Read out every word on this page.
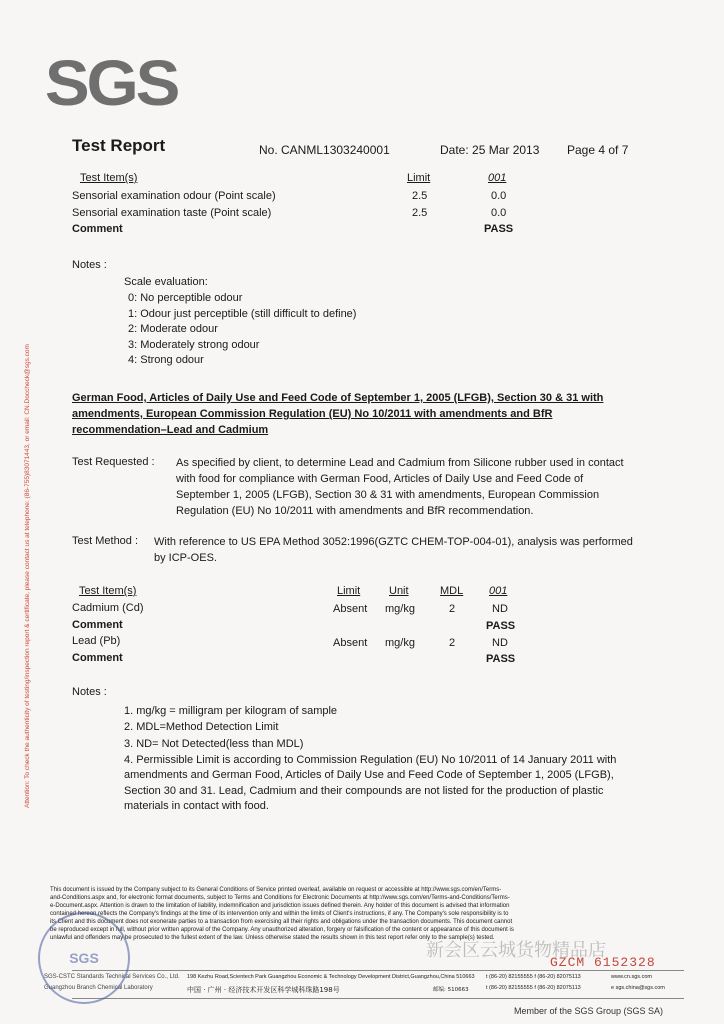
SGS
Attention: To check the authenticity of testing/inspection report & certificate, please contact us at telephone: (86-755)83071443, or email: CN.Doccheck@sgs.com
Test Report	No. CANML1303240001	Date: 25 Mar 2013 Page 4 of 7
Test Item(s)	Limit	001
Sensorial examination odour (Point scale)	2.5	0.0
Sensorial examination taste (Point scale)	2.5	0.0
Comment	PASS
Notes :
Scale evaluation:
0: No perceptible odour
1: Odour just perceptible (still difficult to define)
2: Moderate odour
3: Moderately strong odour
4: Strong odour
German Food, Articles of Daily Use and Feed Code of September 1, 2005 (LFGB), Section 30 & 31 with
amendments, European Commission Regulation (EU) No 10/2011 with amendments and BfR
recommendation–Lead and Cadmium
Test Requested : As specified by client, to determine Lead and Cadmium from Silicone rubber used in contact
with food for compliance with German Food, Articles of Daily Use and Feed Code of
September 1, 2005 (LFGB), Section 30 & 31 with amendments, European Commission
Regulation (EU) No 10/2011 with amendments and BfR recommendation.
Test Method : With reference to US EPA Method 3052:1996(GZTC CHEM-TOP-004-01), analysis was performed
by ICP-OES.
Test Item(s)	Limit	Unit	MDL 001
Cadmium (Cd)	Absent mg/kg	2	ND
Comment	PASS
Lead (Pb)	Absent mg/kg	2	ND
Comment	PASS
Notes :
1. mg/kg = milligram per kilogram of sample
2. MDL=Method Detection Limit
3. ND= Not Detected(less than MDL)
4. Permissible Limit is according to Commission Regulation (EU) No 10/2011 of 14 January 2011 with
amendments and German Food, Articles of Daily Use and Feed Code of September 1, 2005 (LFGB),
Section 30 and 31. Lead, Cadmium and their compounds are not listed for the production of plastic
materials in contact with food.
This document is issued by the Company subject to its General Conditions of Service printed overleaf, available on request or accessible at http://www.sgs.com/en/Terms-
and-Conditions.aspx and, for electronic format documents, subject to Terms and Conditions for Electronic Documents at http://www.sgs.com/en/Terms-and-Conditions/Terms-
e-Document.aspx. Attention is drawn to the limitation of liability, indemnification and jurisdiction issues defined therein. Any holder of this document is advised that information
contained hereon reflects the Company's findings at the time of its intervention only and within the limits of Client's instructions, if any. The Company's sole responsibility is to
its Client and this document does not exonerate parties to a transaction from exercising all their rights and obligations under the transaction documents. This document cannot
be reproduced except in full, without prior written approval of the Company. Any unauthorized alteration, forgery or falsification of the content or appearance of this document is
unlawful and offenders may be prosecuted to the fullest extent of the law. Unless otherwise stated the results shown in this test report refer only to the sample(s) tested.
新会区云城货物精品店
GZCM 6152328
SGS-CSTC Standards Technical Services Co., Ltd.
Guangzhou Branch Chemical Laboratory
198 Kezhu Road,Scientech Park Guangzhou Economic & Technology Development District,Guangzhou,China 510663 t (86-20) 82155555 f (86-20) 82075113	www.cn.sgs.com
中国 · 广州 · 经济技术开发区科学城科珠路198号	邮编: 510663	t (86-20) 82155555 f (86-20) 82075113	e sgs.china@sgs.com
Member of the SGS Group (SGS SA)
SGS
